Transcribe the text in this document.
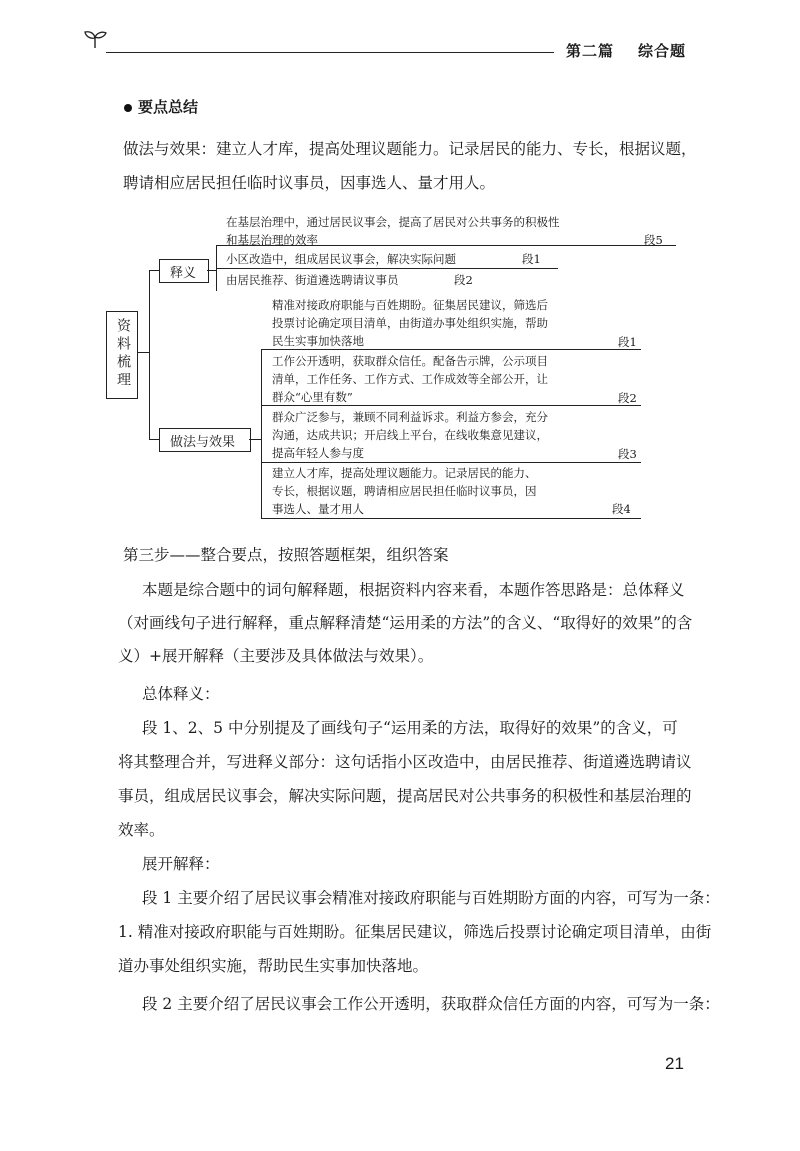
第二篇 综合题
要点总结
做法与效果：建立人才库，提高处理议题能力。记录居民的能力、专长，根据议题，
聘请相应居民担任临时议事员，因事选人、量才用人。
资料梳理
释义
在基层治理中，通过居民议事会，提高了居民对公共事务的积极性
和基层治理的效率	段5
小区改造中，组成居民议事会，解决实际问题	段1
由居民推荐、街道遴选聘请议事员	段2
做法与效果
精准对接政府职能与百姓期盼。征集居民建议，筛选后
投票讨论确定项目清单，由街道办事处组织实施，帮助
民生实事加快落地	段1
工作公开透明，获取群众信任。配备告示牌，公示项目
清单，工作任务、工作方式、工作成效等全部公开，让
群众“心里有数”	段2
群众广泛参与，兼顾不同利益诉求。利益方参会，充分
沟通，达成共识；开启线上平台，在线收集意见建议，
提高年轻人参与度	段3
建立人才库，提高处理议题能力。记录居民的能力、
专长，根据议题，聘请相应居民担任临时议事员，因
事选人、量才用人	段4
第三步——整合要点，按照答题框架，组织答案
本题是综合题中的词句解释题，根据资料内容来看，本题作答思路是：总体释义
（对画线句子进行解释，重点解释清楚“运用柔的方法”的含义、“取得好的效果”的含
义）+展开解释（主要涉及具体做法与效果）。
总体释义：
段 1、2、5 中分别提及了画线句子“运用柔的方法，取得好的效果”的含义，可
将其整理合并，写进释义部分：这句话指小区改造中，由居民推荐、街道遴选聘请议
事员，组成居民议事会，解决实际问题，提高居民对公共事务的积极性和基层治理的
效率。
展开解释：
段 1 主要介绍了居民议事会精准对接政府职能与百姓期盼方面的内容，可写为一条：
1. 精准对接政府职能与百姓期盼。征集居民建议，筛选后投票讨论确定项目清单，由街
道办事处组织实施，帮助民生实事加快落地。
段 2 主要介绍了居民议事会工作公开透明，获取群众信任方面的内容，可写为一条：
21
